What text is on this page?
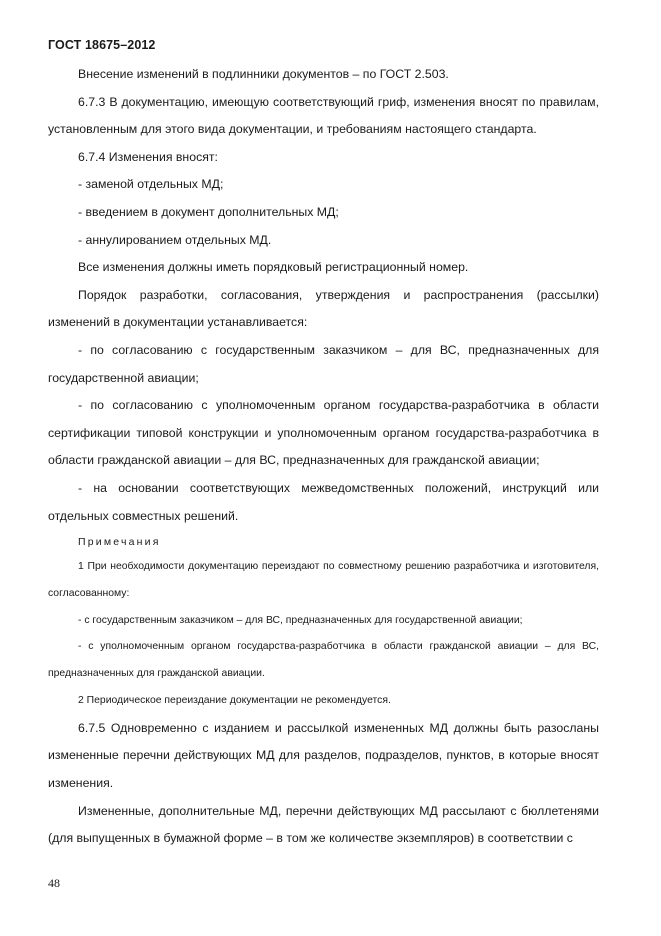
ГОСТ 18675–2012

Внесение изменений в подлинники документов – по ГОСТ 2.503.

6.7.3 В документацию, имеющую соответствующий гриф, изменения вносят по правилам, установленным для этого вида документации, и требованиям настоящего стандарта.

6.7.4 Изменения вносят:

- заменой отдельных МД;

- введением в документ дополнительных МД;

- аннулированием отдельных МД.

Все изменения должны иметь порядковый регистрационный номер.

Порядок разработки, согласования, утверждения и распространения (рассылки) изменений в документации устанавливается:

- по согласованию с государственным заказчиком – для ВС, предназначенных для государственной авиации;

- по согласованию с уполномоченным органом государства-разработчика в области сертификации типовой конструкции и уполномоченным органом государства-разработчика в области гражданской авиации – для ВС, предназначенных для гражданской авиации;

- на основании соответствующих межведомственных положений, инструкций или отдельных совместных решений.

Примечания

1 При необходимости документацию переиздают по совместному решению разработчика и изготовителя, согласованному:

- с государственным заказчиком – для ВС, предназначенных для государственной авиации;

- с уполномоченным органом государства-разработчика в области гражданской авиации – для ВС, предназначенных для гражданской авиации.

2 Периодическое переиздание документации не рекомендуется.

6.7.5 Одновременно с изданием и рассылкой измененных МД должны быть разосланы измененные перечни действующих МД для разделов, подразделов, пунктов, в которые вносят изменения.

Измененные, дополнительные МД, перечни действующих МД рассылают с бюллетенями (для выпущенных в бумажной форме – в том же количестве экземпляров) в соответствии с

48
